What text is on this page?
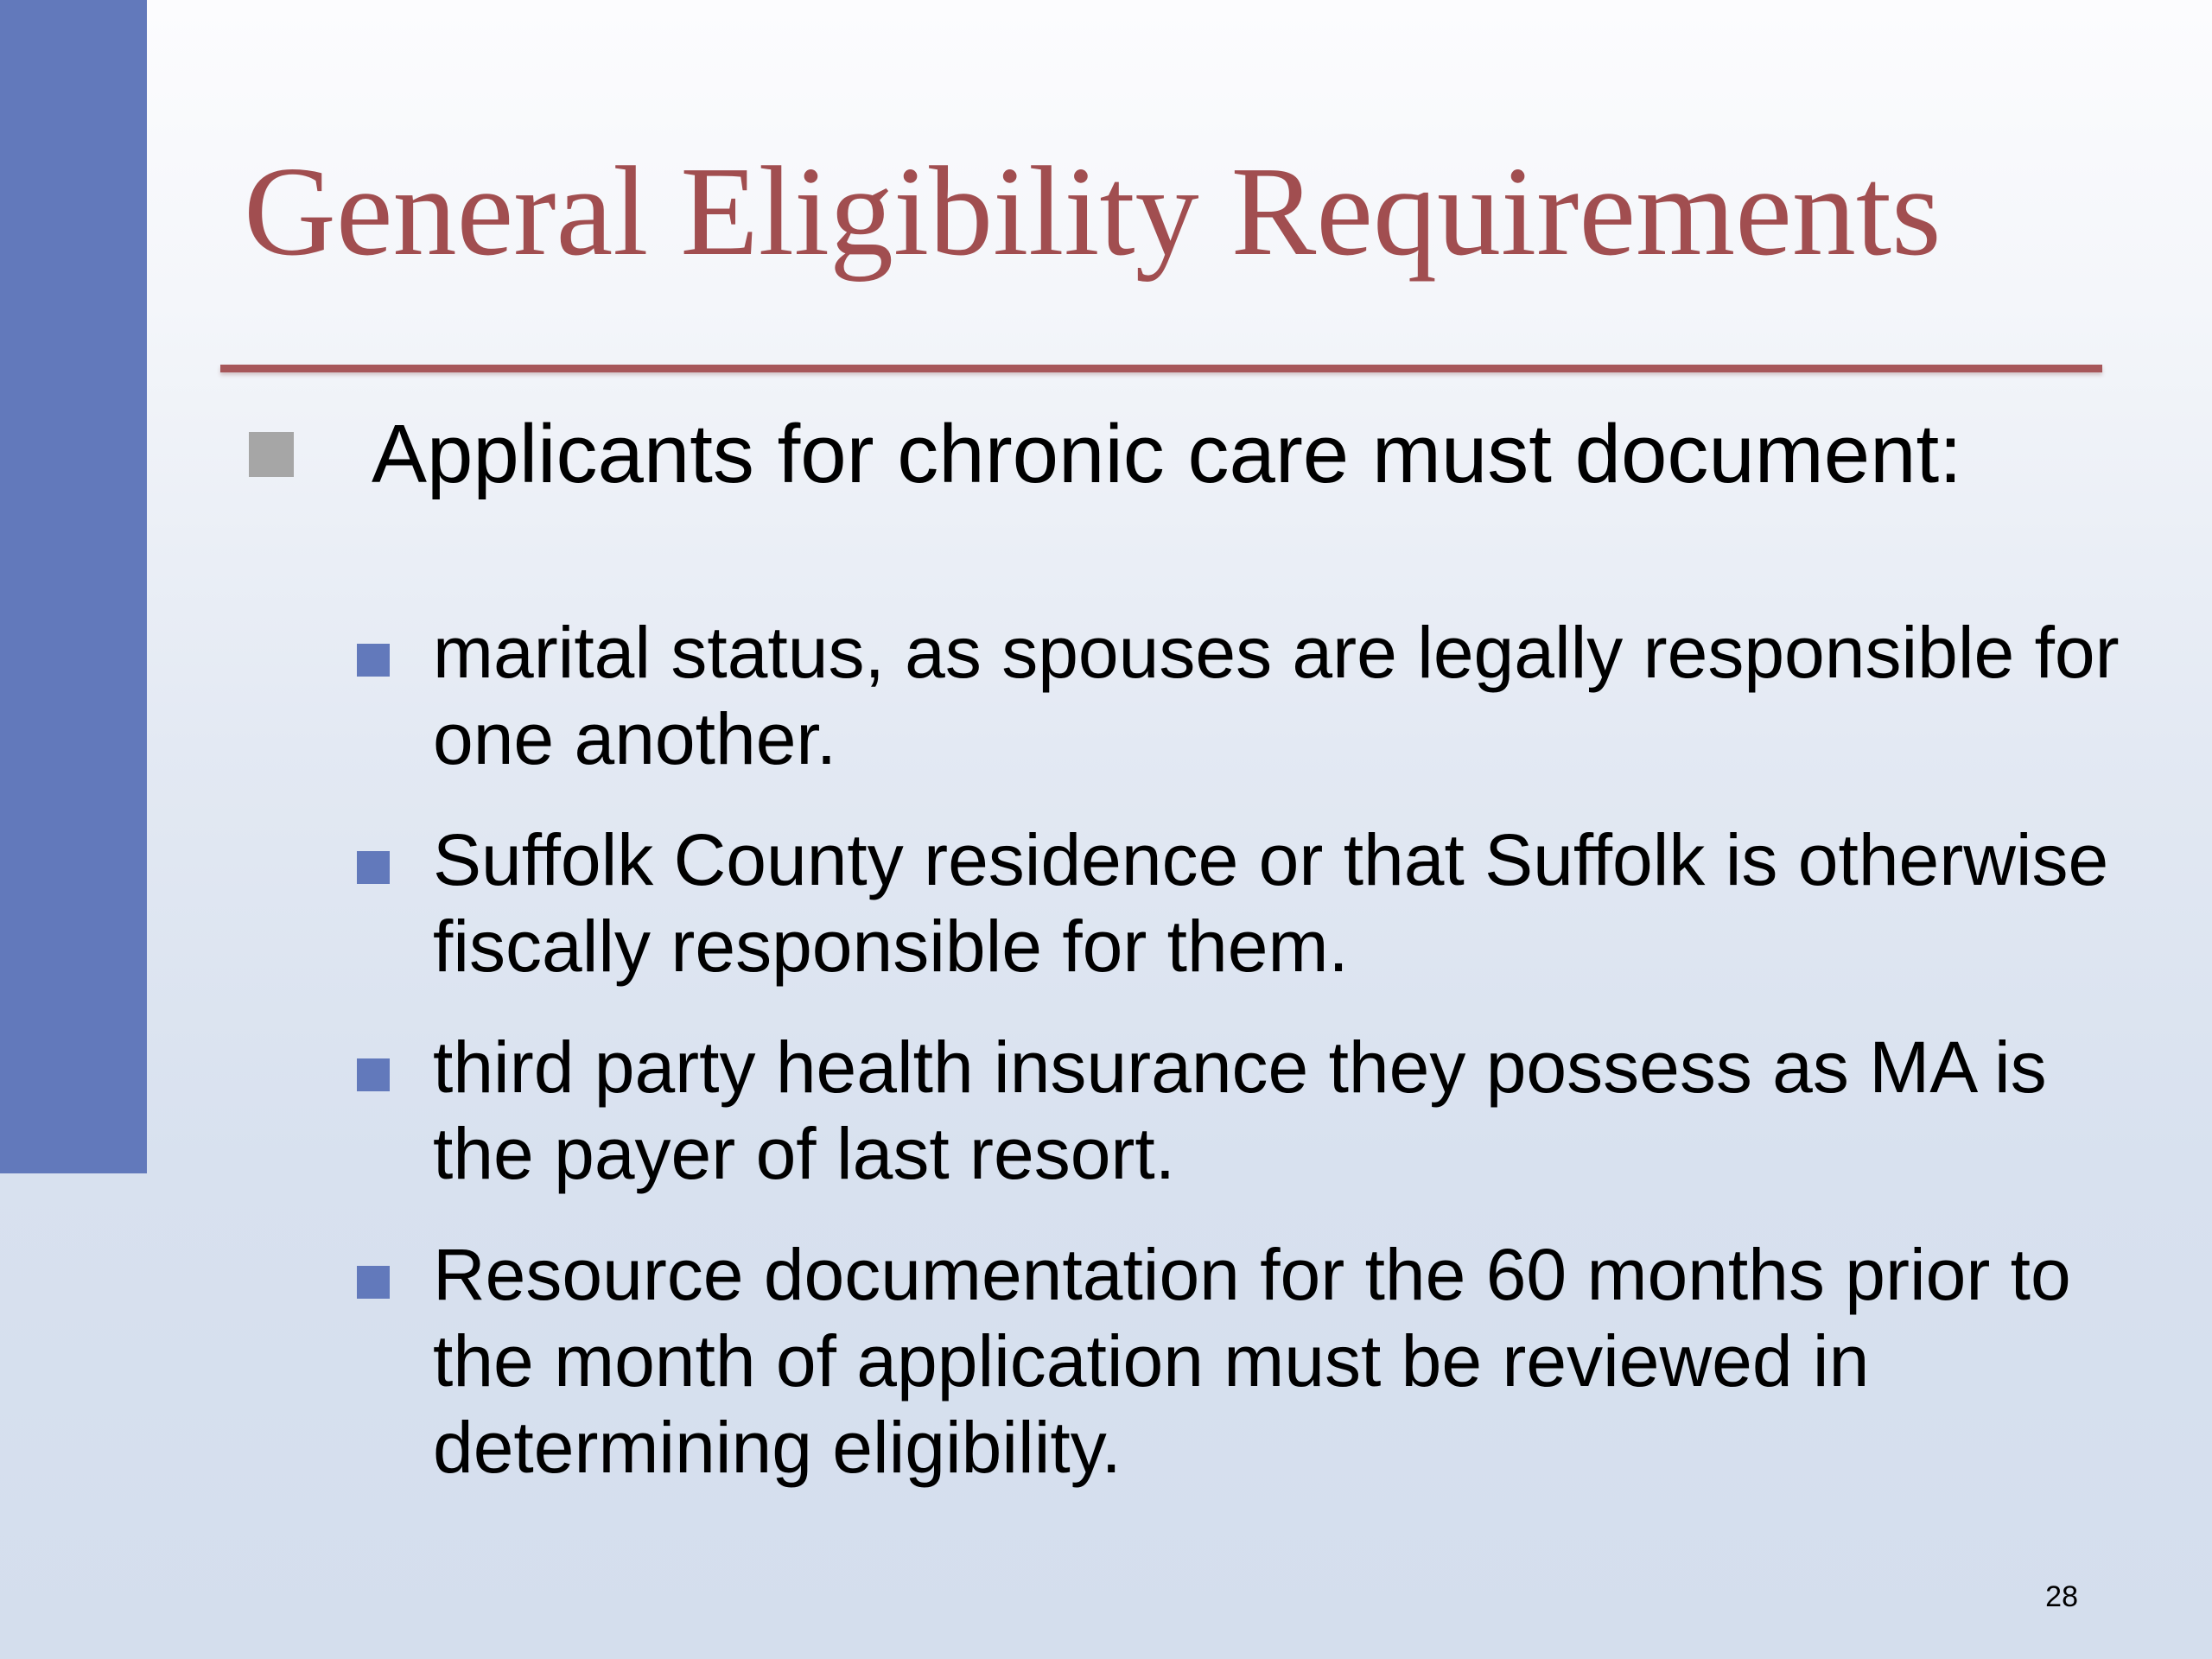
General Eligibility Requirements
Applicants for chronic care must document:
marital status, as spouses are legally responsible for one another.
Suffolk County residence or that Suffolk is otherwise fiscally responsible for them.
third party health insurance they possess as MA is the payer of last resort.
Resource documentation for the 60 months prior to the month of application must be reviewed in determining eligibility.
28
